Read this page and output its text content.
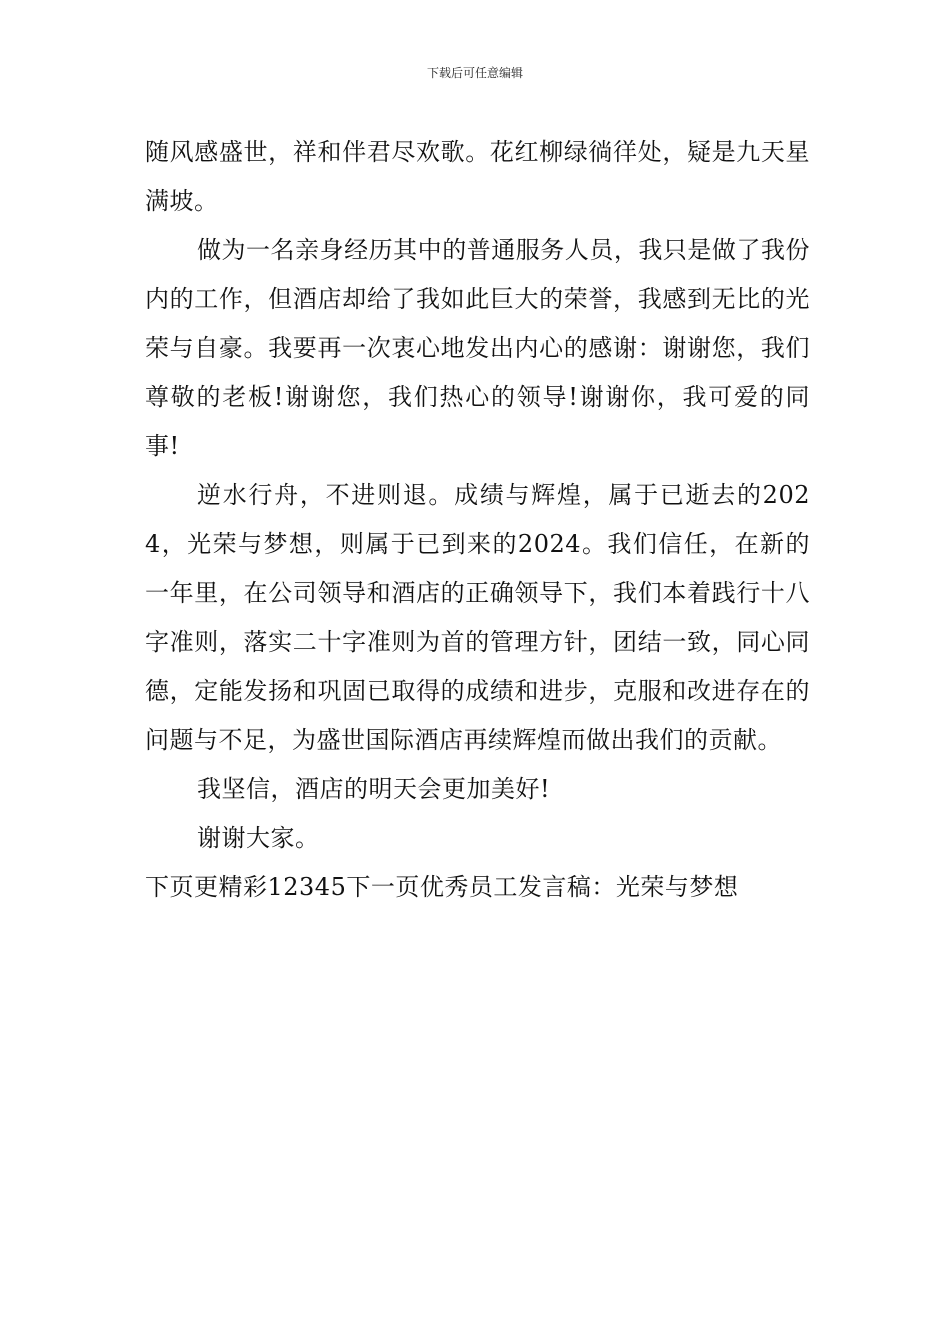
下载后可任意编辑

随风感盛世，祥和伴君尽欢歌。花红柳绿徜徉处，疑是九天星满坡。

做为一名亲身经历其中的普通服务人员，我只是做了我份内的工作，但酒店却给了我如此巨大的荣誉，我感到无比的光荣与自豪。我要再一次衷心地发出内心的感谢：谢谢您，我们尊敬的老板!谢谢您，我们热心的领导!谢谢你，我可爱的同事!

逆水行舟，不进则退。成绩与辉煌，属于已逝去的2024，光荣与梦想，则属于已到来的2024。我们信任，在新的一年里，在公司领导和酒店的正确领导下，我们本着践行十八字准则，落实二十字准则为首的管理方针，团结一致，同心同德，定能发扬和巩固已取得的成绩和进步，克服和改进存在的问题与不足，为盛世国际酒店再续辉煌而做出我们的贡献。

我坚信，酒店的明天会更加美好!

谢谢大家。

下页更精彩12345下一页优秀员工发言稿：光荣与梦想
